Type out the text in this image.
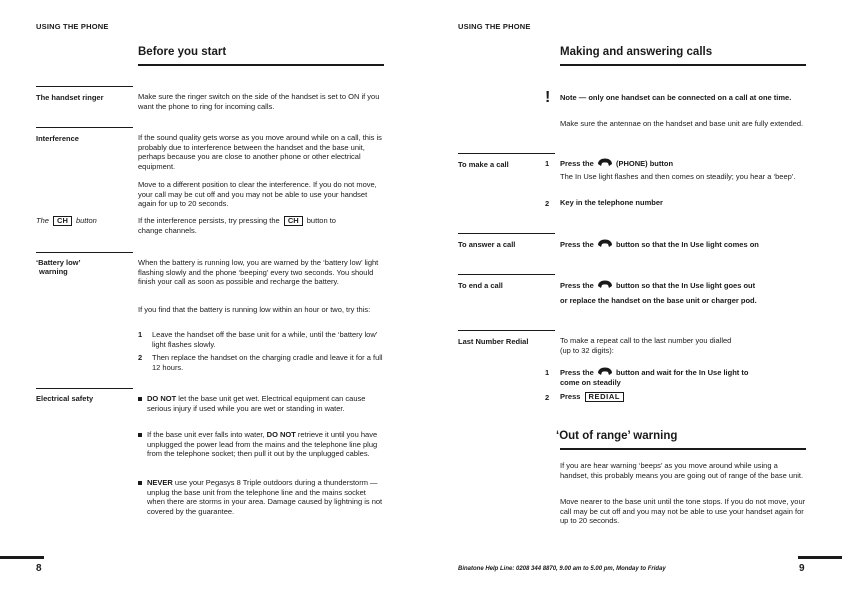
USING THE PHONE
Before you start
The handset ringer	Make sure the ringer switch on the side of the handset is set to ON if you want the phone to ring for incoming calls.
Interference	If the sound quality gets worse as you move around while on a call, this is probably due to interference between the handset and the base unit, perhaps because you are close to another phone or other electrical equipment.
Move to a different position to clear the interference. If you do not move, your call may be cut off and you may not be able to use your handset again for up to 20 seconds.
The CH button	If the interference persists, try pressing the CH button to
change channels.
‘Battery low’
warning
When the battery is running low, you are warned by the ‘battery low’ light flashing slowly and the phone ‘beeping’ every two seconds. You should finish your call as soon as possible and recharge the battery.
If you find that the battery is running low within an hour or two, try this:
1 Leave the handset off the base unit for a while, until the ‘battery low’ light flashes slowly.
2 Then replace the handset on the charging cradle and leave it for a full 12 hours.
Electrical safety	DO NOT let the base unit get wet. Electrical equipment can cause serious injury if used while you are wet or standing in water.
If the base unit ever falls into water, DO NOT retrieve it until you have unplugged the power lead from the mains and the telephone line plug from the telephone socket; then pull it out by the unplugged cables.
NEVER use your Pegasys 8 Triple outdoors during a thunderstorm — unplug the base unit from the telephone line and the mains socket when there are storms in your area. Damage caused by lightning is not covered by the guarantee.
8
USING THE PHONE
Making and answering calls
! Note — only one handset can be connected on a call at one time.
Make sure the antennae on the handset and base unit are fully extended.
To make a call	1 Press the	(PHONE) button
The In Use light flashes and then comes on steadily; you hear a ‘beep’.
2 Key in the telephone number
To answer a call	Press the	button so that the In Use light comes on
To end a call	Press the	button so that the In Use light goes out
or replace the handset on the base unit or charger pod.
Last Number Redial	To make a repeat call to the last number you dialled
(up to 32 digits):
1 Press the	button and wait for the In Use light to
come on steadily
2 Press REDIAL
‘Out of range’ warning
If you are hear warning ‘beeps’ as you move around while using a handset, this probably means you are going out of range of the base unit.
Move nearer to the base unit until the tone stops. If you do not move, your call may be cut off and you may not be able to use your handset again for up to 20 seconds.
Binatone Help Line: 0208 344 8870, 9.00 am to 5.00 pm, Monday to Friday	9
